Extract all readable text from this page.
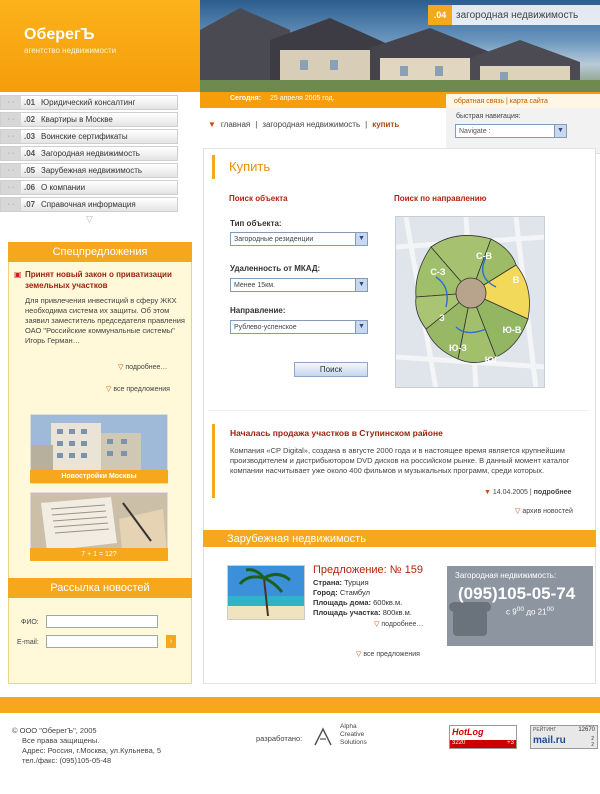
ОберегЪ
агентство недвижимости
.04 загородная недвижимость
Сегодня: 25 апреля 2005 год.	обратная связь | карта сайта
быстрая навигация:
Navigate :	▼
▼ главная | загородная недвижимость | купить
· ·	.01 Юридический консалтинг
· ·	.02 Квартиры в Москве
· ·	.03 Воинские сертификаты
· ·	.04 Загородная недвижимость
· ·	.05 Зарубежная недвижимость
· ·	.06 О компании
· ·	.07 Справочная информация
▽
Спецпредложения
▣ Принят новый закон о приватизации земельных участков
Для привлечения инвестиций в сферу ЖКХ необходима система их защиты. Об этом заявил заместитель председателя правления ОАО "Российские коммунальные системы" Игорь Герман…
▽ подробнее…
▽ все предложения
Новостройки Москвы
7 + 1 = 12?
Рассылка новостей
ФИО:
E-mail:	›
Купить
Поиск объекта	Поиск по направлению
Тип объекта:
Загородные резиденции	▼
Удаленность от МКАД:
Менее 15км.	▼
Направление:
Рублево-успенское	▼
Поиск
С-З
С-В
В
З
Ю-В
Ю-З
ЮГ
Началась продажа участков в Ступинском районе
Компания «CP Digital», создана в августе 2000 года и в настоящее время является крупнейшим производителем и дистрибьютором DVD дисков на российском рынке. В данный момент каталог компании насчитывает уже около 400 фильмов и музыкальных программ, среди которых.
▼ 14.04.2005 | подробнее
▽ архив новостей
Зарубежная недвижимость
Предложение: № 159
Страна: Турция
Город: Стамбул
Площадь дома: 600кв.м.
Площадь участка: 800кв.м.
▽ подробнее…
▽ все предложения
Загородная недвижимость:
(095)105-05-74
с $9^{00}$ до $21^{00}$
© ООО "ОберегЪ", 2005
Все права защищены.
Адрес: Россия, г.Москва, ул.Кульнева, 5
тел./факс: (095)105-05-48
разработано:
Alpha
Creative
Solutions
HotLog
3220	+3
РЕЙТИНГ	12670
mail.ru	2
2
